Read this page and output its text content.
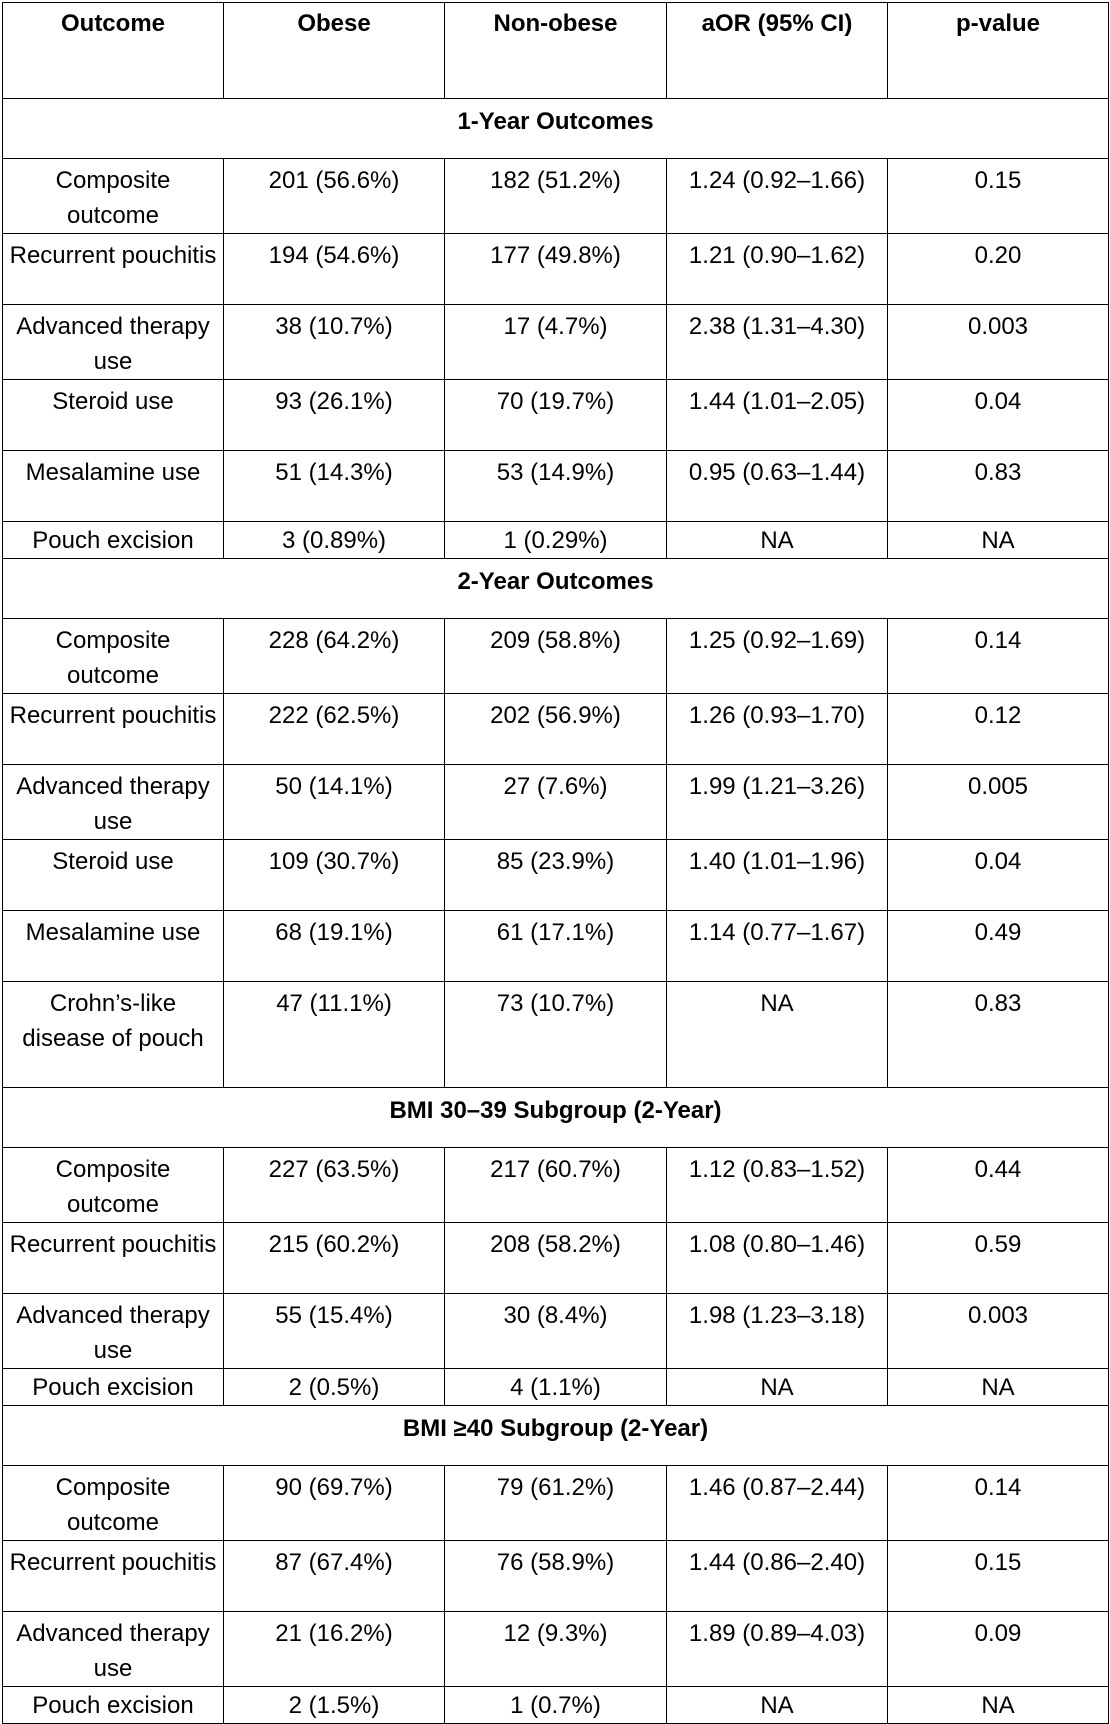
Outcome	Obese	Non-obese	aOR (95% CI)	p-value
1-Year Outcomes				
Composite outcome	201 (56.6%)	182 (51.2%)	1.24 (0.92–1.66)	0.15
Recurrent pouchitis	194 (54.6%)	177 (49.8%)	1.21 (0.90–1.62)	0.20
Advanced therapy use	38 (10.7%)	17 (4.7%)	2.38 (1.31–4.30)	0.003
Steroid use	93 (26.1%)	70 (19.7%)	1.44 (1.01–2.05)	0.04
Mesalamine use	51 (14.3%)	53 (14.9%)	0.95 (0.63–1.44)	0.83
Pouch excision	3 (0.89%)	1 (0.29%)	NA	NA
2-Year Outcomes				
Composite outcome	228 (64.2%)	209 (58.8%)	1.25 (0.92–1.69)	0.14
Recurrent pouchitis	222 (62.5%)	202 (56.9%)	1.26 (0.93–1.70)	0.12
Advanced therapy use	50 (14.1%)	27 (7.6%)	1.99 (1.21–3.26)	0.005
Steroid use	109 (30.7%)	85 (23.9%)	1.40 (1.01–1.96)	0.04
Mesalamine use	68 (19.1%)	61 (17.1%)	1.14 (0.77–1.67)	0.49
Crohn’s-like disease of pouch	47 (11.1%)	73 (10.7%)	NA	0.83
BMI 30–39 Subgroup (2-Year)				
Composite outcome	227 (63.5%)	217 (60.7%)	1.12 (0.83–1.52)	0.44
Recurrent pouchitis	215 (60.2%)	208 (58.2%)	1.08 (0.80–1.46)	0.59
Advanced therapy use	55 (15.4%)	30 (8.4%)	1.98 (1.23–3.18)	0.003
Pouch excision	2 (0.5%)	4 (1.1%)	NA	NA
BMI ≥40 Subgroup (2-Year)				
Composite outcome	90 (69.7%)	79 (61.2%)	1.46 (0.87–2.44)	0.14
Recurrent pouchitis	87 (67.4%)	76 (58.9%)	1.44 (0.86–2.40)	0.15
Advanced therapy use	21 (16.2%)	12 (9.3%)	1.89 (0.89–4.03)	0.09
Pouch excision	2 (1.5%)	1 (0.7%)	NA	NA
